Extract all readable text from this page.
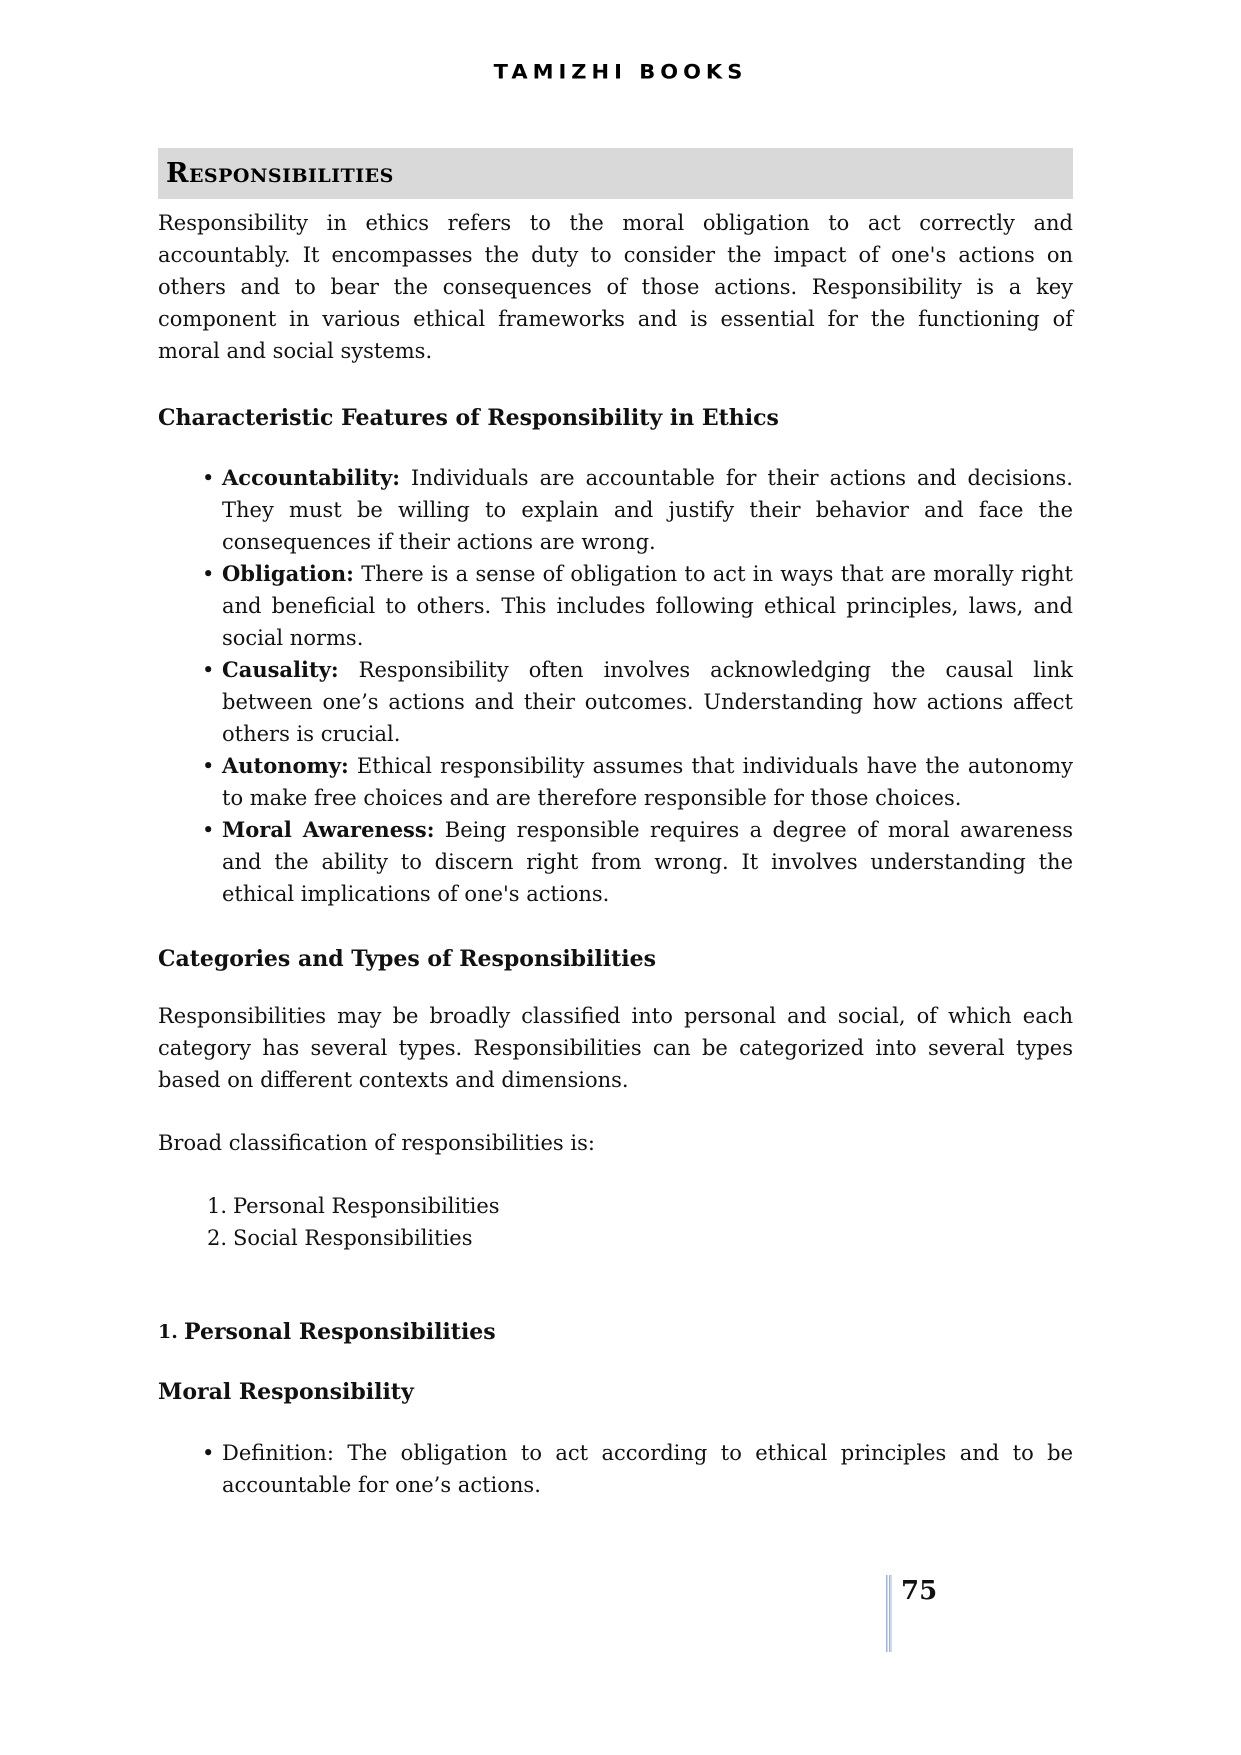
TAMIZHI BOOKS
Responsibilities

Responsibility in ethics refers to the moral obligation to act correctly and accountably. It encompasses the duty to consider the impact of one's actions on others and to bear the consequences of those actions. Responsibility is a key component in various ethical frameworks and is essential for the functioning of moral and social systems.

Characteristic Features of Responsibility in Ethics
• Accountability: Individuals are accountable for their actions and decisions. They must be willing to explain and justify their behavior and face the consequences if their actions are wrong.
• Obligation: There is a sense of obligation to act in ways that are morally right and beneficial to others. This includes following ethical principles, laws, and social norms.
• Causality: Responsibility often involves acknowledging the causal link between one’s actions and their outcomes. Understanding how actions affect others is crucial.
• Autonomy: Ethical responsibility assumes that individuals have the autonomy to make free choices and are therefore responsible for those choices.
• Moral Awareness: Being responsible requires a degree of moral awareness and the ability to discern right from wrong. It involves understanding the ethical implications of one's actions.
Categories and Types of Responsibilities

Responsibilities may be broadly classified into personal and social, of which each category has several types. Responsibilities can be categorized into several types based on different contexts and dimensions.

Broad classification of responsibilities is:

1. Personal Responsibilities
2. Social Responsibilities
1. Personal Responsibilities
Moral Responsibility
• Definition: The obligation to act according to ethical principles and to be accountable for one’s actions.
75
